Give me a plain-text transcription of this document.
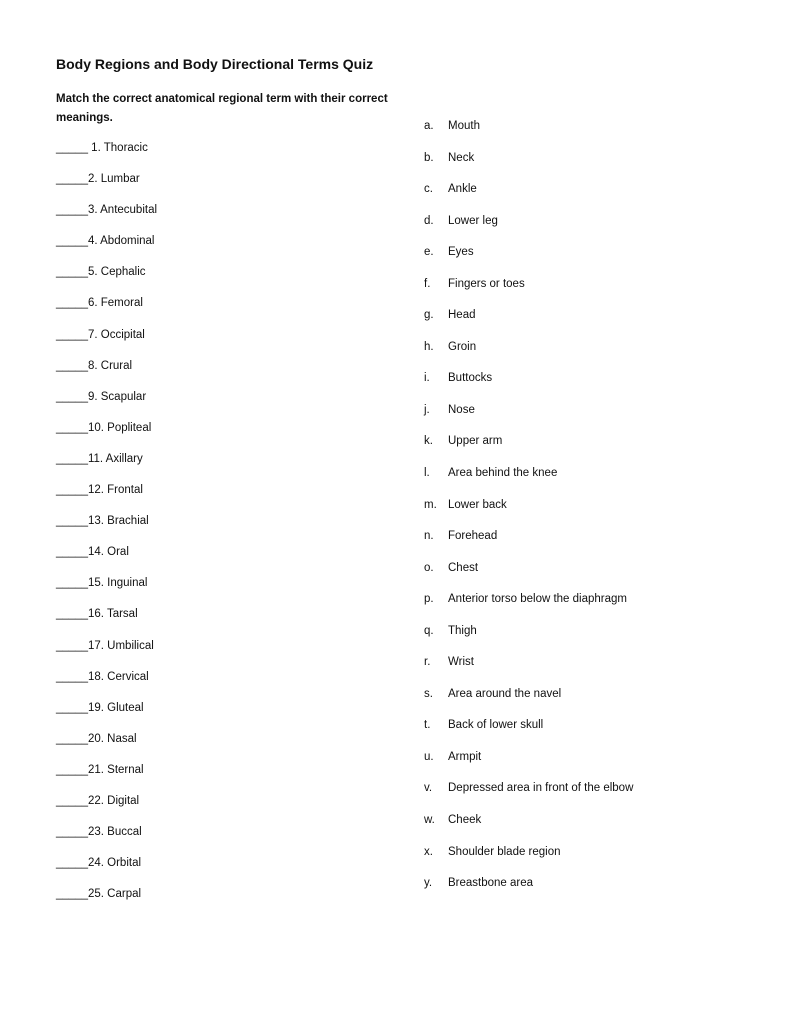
Body Regions and Body Directional Terms Quiz
Match the correct anatomical regional term with their correct meanings.
_____ 1. Thoracic
_____2. Lumbar
_____3. Antecubital
_____4. Abdominal
_____5. Cephalic
_____6. Femoral
_____7. Occipital
_____8. Crural
_____9. Scapular
_____10. Popliteal
_____11. Axillary
_____12. Frontal
_____13. Brachial
_____14. Oral
_____15. Inguinal
_____16. Tarsal
_____17. Umbilical
_____18. Cervical
_____19. Gluteal
_____20. Nasal
_____21. Sternal
_____22. Digital
_____23. Buccal
_____24. Orbital
_____25. Carpal
a.	Mouth
b.	Neck
c.	Ankle
d.	Lower leg
e.	Eyes
f.	Fingers or toes
g.	Head
h.	Groin
i.	Buttocks
j.	Nose
k.	Upper arm
l.	Area behind the knee
m. Lower back
n.	Forehead
o.	Chest
p.	Anterior torso below the diaphragm
q.	Thigh
r.	Wrist
s.	Area around the navel
t.	Back of lower skull
u.	Armpit
v.	Depressed area in front of the elbow
w.	Cheek
x.	Shoulder blade region
y.	Breastbone area
